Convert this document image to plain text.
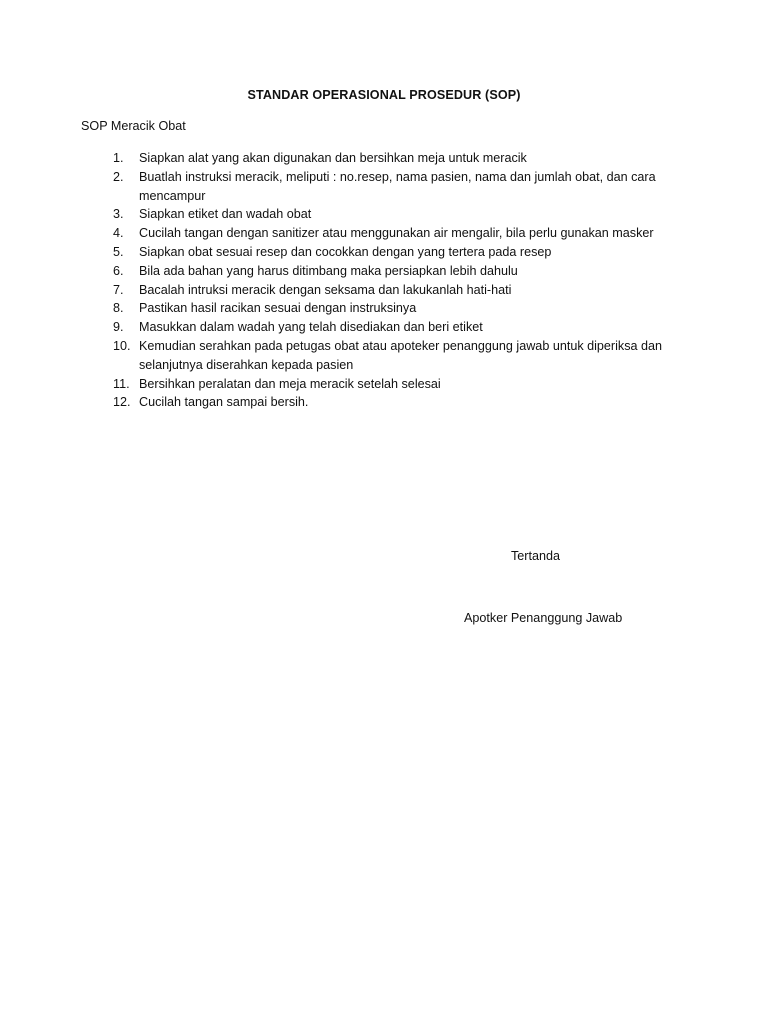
STANDAR OPERASIONAL PROSEDUR (SOP)
SOP Meracik Obat
1.	Siapkan alat yang akan digunakan dan bersihkan meja untuk meracik
2.	Buatlah instruksi meracik, meliputi : no.resep, nama pasien, nama dan jumlah obat, dan cara mencampur
3.	Siapkan etiket dan wadah obat
4.	Cucilah tangan dengan sanitizer atau menggunakan air mengalir, bila perlu gunakan masker
5.	Siapkan obat sesuai resep dan cocokkan dengan yang tertera pada resep
6.	Bila ada bahan yang harus ditimbang maka persiapkan lebih dahulu
7.	Bacalah intruksi meracik dengan seksama dan lakukanlah hati-hati
8.	Pastikan hasil racikan sesuai dengan instruksinya
9.	Masukkan dalam wadah yang telah disediakan dan beri etiket
10. Kemudian serahkan pada petugas obat atau apoteker penanggung jawab untuk diperiksa dan selanjutnya diserahkan kepada pasien
11. Bersihkan peralatan dan meja meracik setelah selesai
12. Cucilah tangan sampai bersih.
Tertanda
Apotker Penanggung Jawab
